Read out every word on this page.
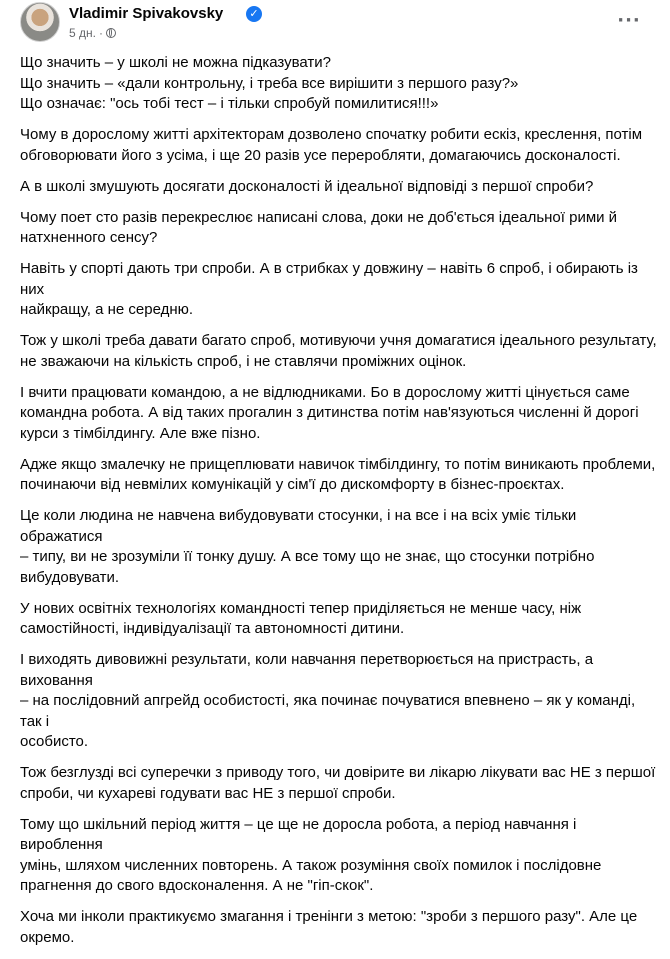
Vladimir Spivakovsky	✓
5 дн. ·
···

Що значить – у школі не можна підказувати?
Що значить – «дали контрольну, і треба все вирішити з першого разу?»
Що означає: "ось тобі тест – і тільки спробуй помилитися!!!»

Чому в дорослому житті архітекторам дозволено спочатку робити ескіз, креслення, потім
обговорювати його з усіма, і ще 20 разів усе переробляти, домагаючись досконалості.

А в школі змушують досягати досконалості й ідеальної відповіді з першої спроби?

Чому поет сто разів перекреслює написані слова, доки не доб'ється ідеальної рими й
натхненного сенсу?

Навіть у спорті дають три спроби. А в стрибках у довжину – навіть 6 спроб, і обирають із них
найкращу, а не середню.

Тож у школі треба давати багато спроб, мотивуючи учня домагатися ідеального результату,
не зважаючи на кількість спроб, і не ставлячи проміжних оцінок.

І вчити працювати командою, а не відлюдниками. Бо в дорослому житті цінується саме
командна робота. А від таких прогалин з дитинства потім нав'язуються численні й дорогі
курси з тімбілдингу. Але вже пізно.

Адже якщо змалечку не прищеплювати навичок тімбілдингу, то потім виникають проблеми,
починаючи від невмілих комунікацій у сім'ї до дискомфорту в бізнес-проєктах.

Це коли людина не навчена вибудовувати стосунки, і на все і на всіх уміє тільки ображатися
– типу, ви не зрозуміли її тонку душу. А все тому що не знає, що стосунки потрібно
вибудовувати.

У нових освітніх технологіях командності тепер приділяється не менше часу, ніж
самостійності, індивідуалізації та автономності дитини.

І виходять дивовижні результати, коли навчання перетворюється на пристрасть, а виховання
– на послідовний апгрейд особистості, яка починає почуватися впевнено – як у команді, так і
особисто.

Тож безглузді всі суперечки з приводу того, чи довірите ви лікарю лікувати вас НЕ з першої
спроби, чи кухареві годувати вас НЕ з першої спроби.

Тому що шкільний період життя – це ще не доросла робота, а період навчання і вироблення
умінь, шляхом численних повторень. А також розуміння своїх помилок і послідовне
прагнення до свого вдосконалення. А не "гіп-скок".

Хоча ми інколи практикуємо змагання і тренінги з метою: "зроби з першого разу". Але це
окремо.
